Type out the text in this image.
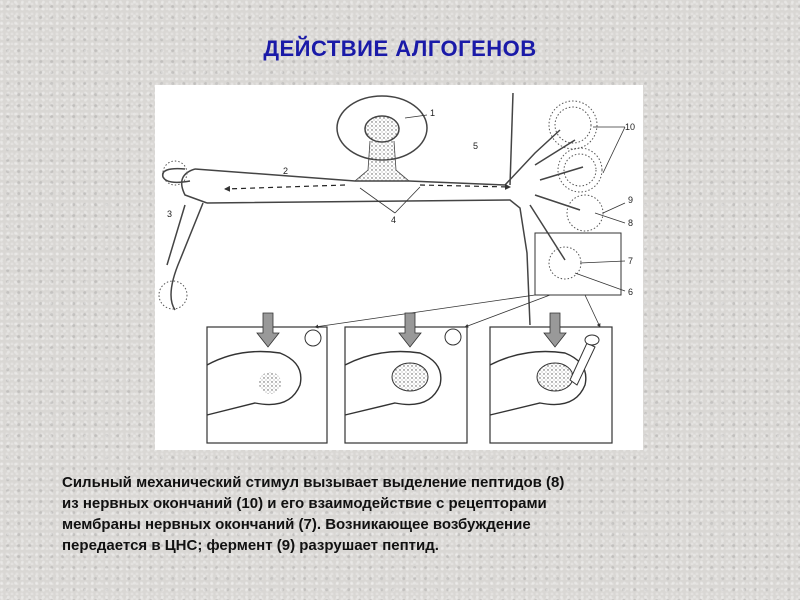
ДЕЙСТВИЕ АЛГОГЕНОВ
1
2
3
4
5
6
7
8
9
10
Сильный механический стимул вызывает выделение пептидов (8)
из нервных окончаний (10) и его взаимодействие с рецепторами
мембраны нервных окончаний (7). Возникающее возбуждение
передается в ЦНС; фермент (9) разрушает пептид.
